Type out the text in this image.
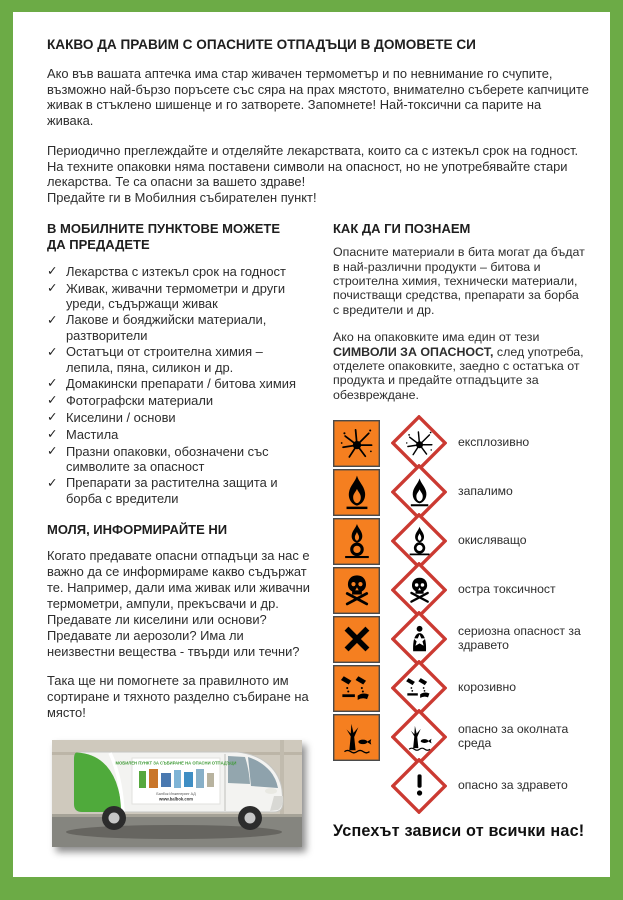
КАКВО ДА ПРАВИМ С ОПАСНИТЕ ОТПАДЪЦИ В ДОМОВЕТЕ СИ

Ако във вашата аптечка има стар живачен термометър и по невнимание го счупите, възможно най-бързо поръсете със сяра на прах мястото, внимателно съберете капчиците живак в стъклено шишенце и го затворете. Запомнете! Най-токсични са парите на живака.

Периодично преглеждайте и отделяйте лекарствата, които са с изтекъл срок на годност. На техните опаковки няма поставени символи на опасност, но не употребявайте стари лекарства. Те са опасни за вашето здраве!
Предайте ги в Мобилния събирателен пункт!

В МОБИЛНИТЕ ПУНКТОВЕ МОЖЕТЕ
ДА ПРЕДАДЕТЕ
✓ Лекарства с изтекъл срок на годност
✓ Живак, живачни термометри и други уреди, съдържащи живак
✓ Лакове и бояджийски материали, разтворители
✓ Остатъци от строителна химия – лепила, пяна, силикон и др.
✓ Домакински препарати / битова химия
✓ Фотографски материали
✓ Киселини / основи
✓ Мастила
✓ Празни опаковки, обозначени със символите за опасност
✓ Препарати за растителна защита и борба с вредители
МОЛЯ, ИНФОРМИРАЙТЕ НИ

Когато предавате опасни отпадъци за нас е важно да се информираме какво съдържат те. Например, дали има живак или живачни термометри, ампули, прекъсвачи и др. Предавате ли киселини или основи? Предавате ли аерозоли? Има ли неизвестни вещества - твърди или течни?

Така ще ни помогнете за правилното им сортиране и тяхното разделно събиране на място!

МОБИЛЕН ПУНКТ ЗА СЪБИРАНЕ НА ОПАСНИ ОТПАДЪЦИ
Балбок Инженеринг АД
www.balbok.com
КАК ДА ГИ ПОЗНАЕМ

Опасните материали в бита могат да бъдат в най-различни продукти – битова и строителна химия, технически материали, почистващи средства, препарати за борба с вредители и др.

Ако на опаковките има един от тези СИМВОЛИ ЗА ОПАСНОСТ, след употреба, отделете опаковките, заедно с остатъка от продукта и предайте отпадъците за обезвреждане.

експлозивно
запалимо
окисляващо
остра токсичност
сериозна опасност за здравето
корозивно
опасно за околната среда
опасно за здравето
Успехът зависи от всички нас!
